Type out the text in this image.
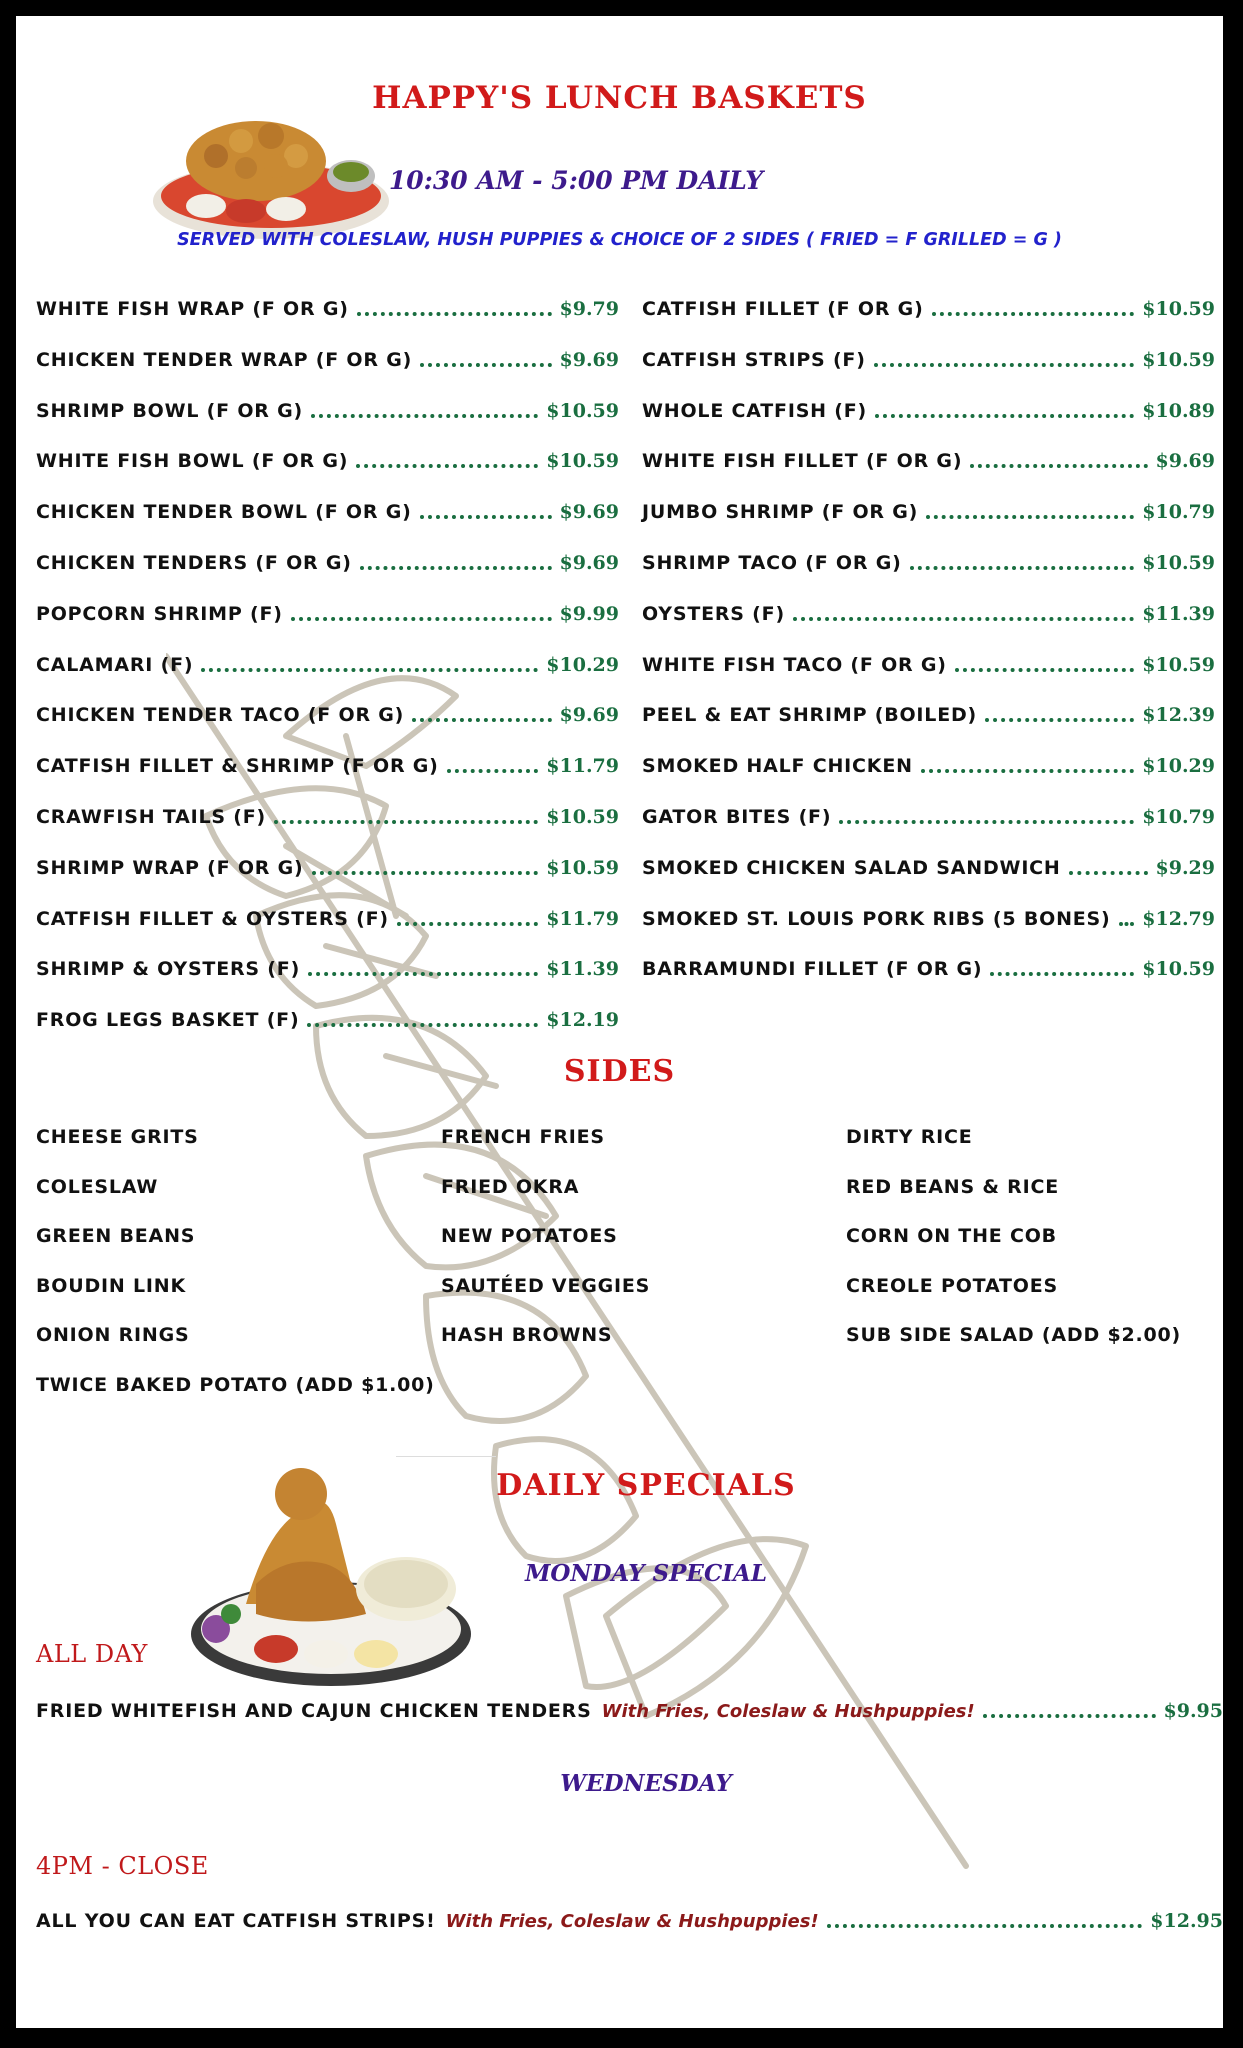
HAPPY'S LUNCH BASKETS
10:30 AM - 5:00 PM DAILY
SERVED WITH COLESLAW, HUSH PUPPIES & CHOICE OF 2 SIDES ( FRIED = F GRILLED = G )
WHITE FISH WRAP (F OR G)	$9.79
CHICKEN TENDER WRAP (F OR G)	$9.69
SHRIMP BOWL (F OR G)	$10.59
WHITE FISH BOWL (F OR G)	$10.59
CHICKEN TENDER BOWL (F OR G)	$9.69
CHICKEN TENDERS (F OR G)	$9.69
POPCORN SHRIMP (F)	$9.99
CALAMARI (F)	$10.29
CHICKEN TENDER TACO (F OR G)	$9.69
CATFISH FILLET & SHRIMP (F OR G)	$11.79
CRAWFISH TAILS (F)	$10.59
SHRIMP WRAP (F OR G)	$10.59
CATFISH FILLET & OYSTERS (F)	$11.79
SHRIMP & OYSTERS (F)	$11.39
FROG LEGS BASKET (F)	$12.19
CATFISH FILLET (F OR G)	$10.59
CATFISH STRIPS (F)	$10.59
WHOLE CATFISH (F)	$10.89
WHITE FISH FILLET (F OR G)	$9.69
JUMBO SHRIMP (F OR G)	$10.79
SHRIMP TACO (F OR G)	$10.59
OYSTERS (F)	$11.39
WHITE FISH TACO (F OR G)	$10.59
PEEL & EAT SHRIMP (BOILED)	$12.39
SMOKED HALF CHICKEN	$10.29
GATOR BITES (F)	$10.79
SMOKED CHICKEN SALAD SANDWICH	$9.29
SMOKED ST. LOUIS PORK RIBS (5 BONES) $12.79
BARRAMUNDI FILLET (F OR G)	$10.59
SIDES
CHEESE GRITS
COLESLAW
GREEN BEANS
BOUDIN LINK
ONION RINGS
TWICE BAKED POTATO (ADD $1.00)
FRENCH FRIES
FRIED OKRA
NEW POTATOES
SAUTÉED VEGGIES
HASH BROWNS
DIRTY RICE
RED BEANS & RICE
CORN ON THE COB
CREOLE POTATOES
SUB SIDE SALAD (ADD $2.00)
DAILY SPECIALS
MONDAY SPECIAL
ALL DAY
FRIED WHITEFISH AND CAJUN CHICKEN TENDERS With Fries, Coleslaw & Hushpuppies!	$9.95
WEDNESDAY
4PM - CLOSE
ALL YOU CAN EAT CATFISH STRIPS! With Fries, Coleslaw & Hushpuppies!	$12.95
